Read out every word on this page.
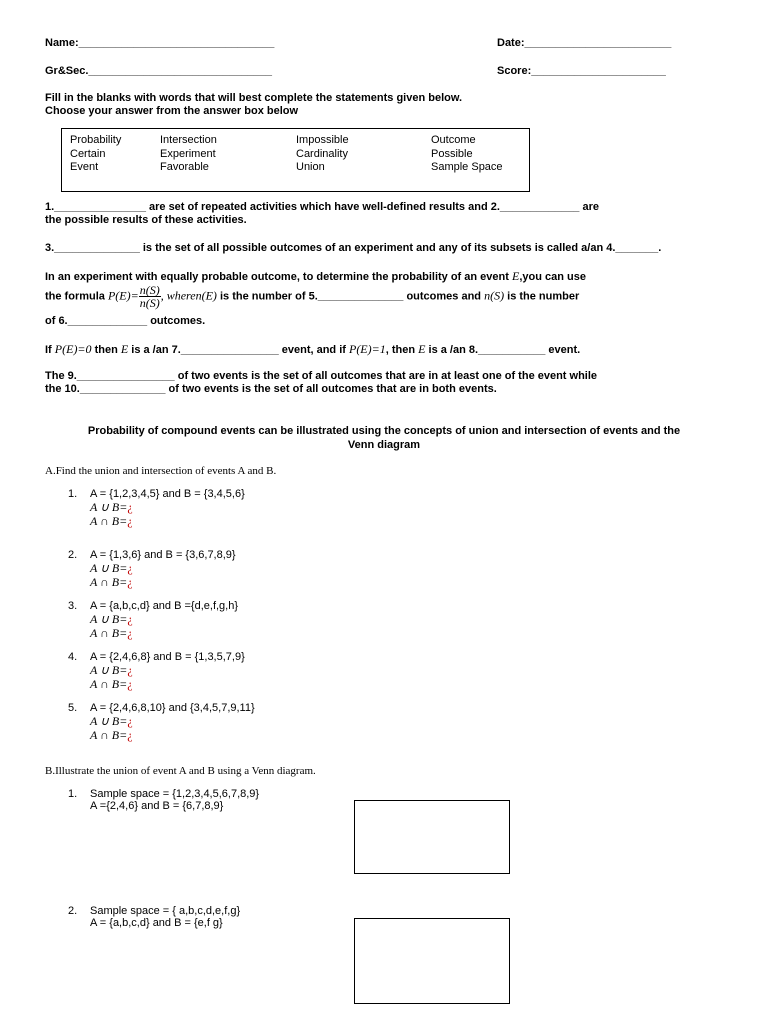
Name:________________________________	Date:________________________
Gr&Sec.______________________________	Score:______________________
Fill in the blanks with words that will best complete the statements given below.
Choose your answer from the answer box below
Probability
Certain
Event
Intersection
Experiment
Favorable
Impossible
Cardinality
Union
Outcome
Possible
Sample Space
1._______________ are set of repeated activities which have well-defined results and 2._____________ are
the possible results of these activities.
3.______________ is the set of all possible outcomes of an experiment and any of its subsets is called a/an 4._______.
In an experiment with equally probable outcome, to determine the probability of an event E,you can use
the formula $P(E)= \frac{n(S)}{n(S)}$ , wheren(E) is the number of 5.______________ outcomes and n(S) is the number
of 6._____________ outcomes.
If P(E)=0 then E is a /an 7.________________ event, and if P(E)=1, then E is a /an 8.___________ event.
The 9.________________ of two events is the set of all outcomes that are in at least one of the event while
the 10.______________ of two events is the set of all outcomes that are in both events.
Probability of compound events can be illustrated using the concepts of union and intersection of events and the
Venn diagram
A.Find the union and intersection of events A and B.
1. A = {1,2,3,4,5} and B = {3,4,5,6}
A ∪ B=¿
A ∩ B=¿
2. A = {1,3,6} and B = {3,6,7,8,9}
A ∪ B=¿
A ∩ B=¿
3. A = {a,b,c,d} and B ={d,e,f,g,h}
A ∪ B=¿
A ∩ B=¿
4. A = {2,4,6,8} and B = {1,3,5,7,9}
A ∪ B=¿
A ∩ B=¿
5. A = {2,4,6,8,10} and {3,4,5,7,9,11}
A ∪ B=¿
A ∩ B=¿
B.Illustrate the union of event A and B using a Venn diagram.
1. Sample space = {1,2,3,4,5,6,7,8,9}
A ={2,4,6} and B = {6,7,8,9}
2. Sample space = { a,b,c,d,e,f,g}
A = {a,b,c,d} and B = {e,f g}
